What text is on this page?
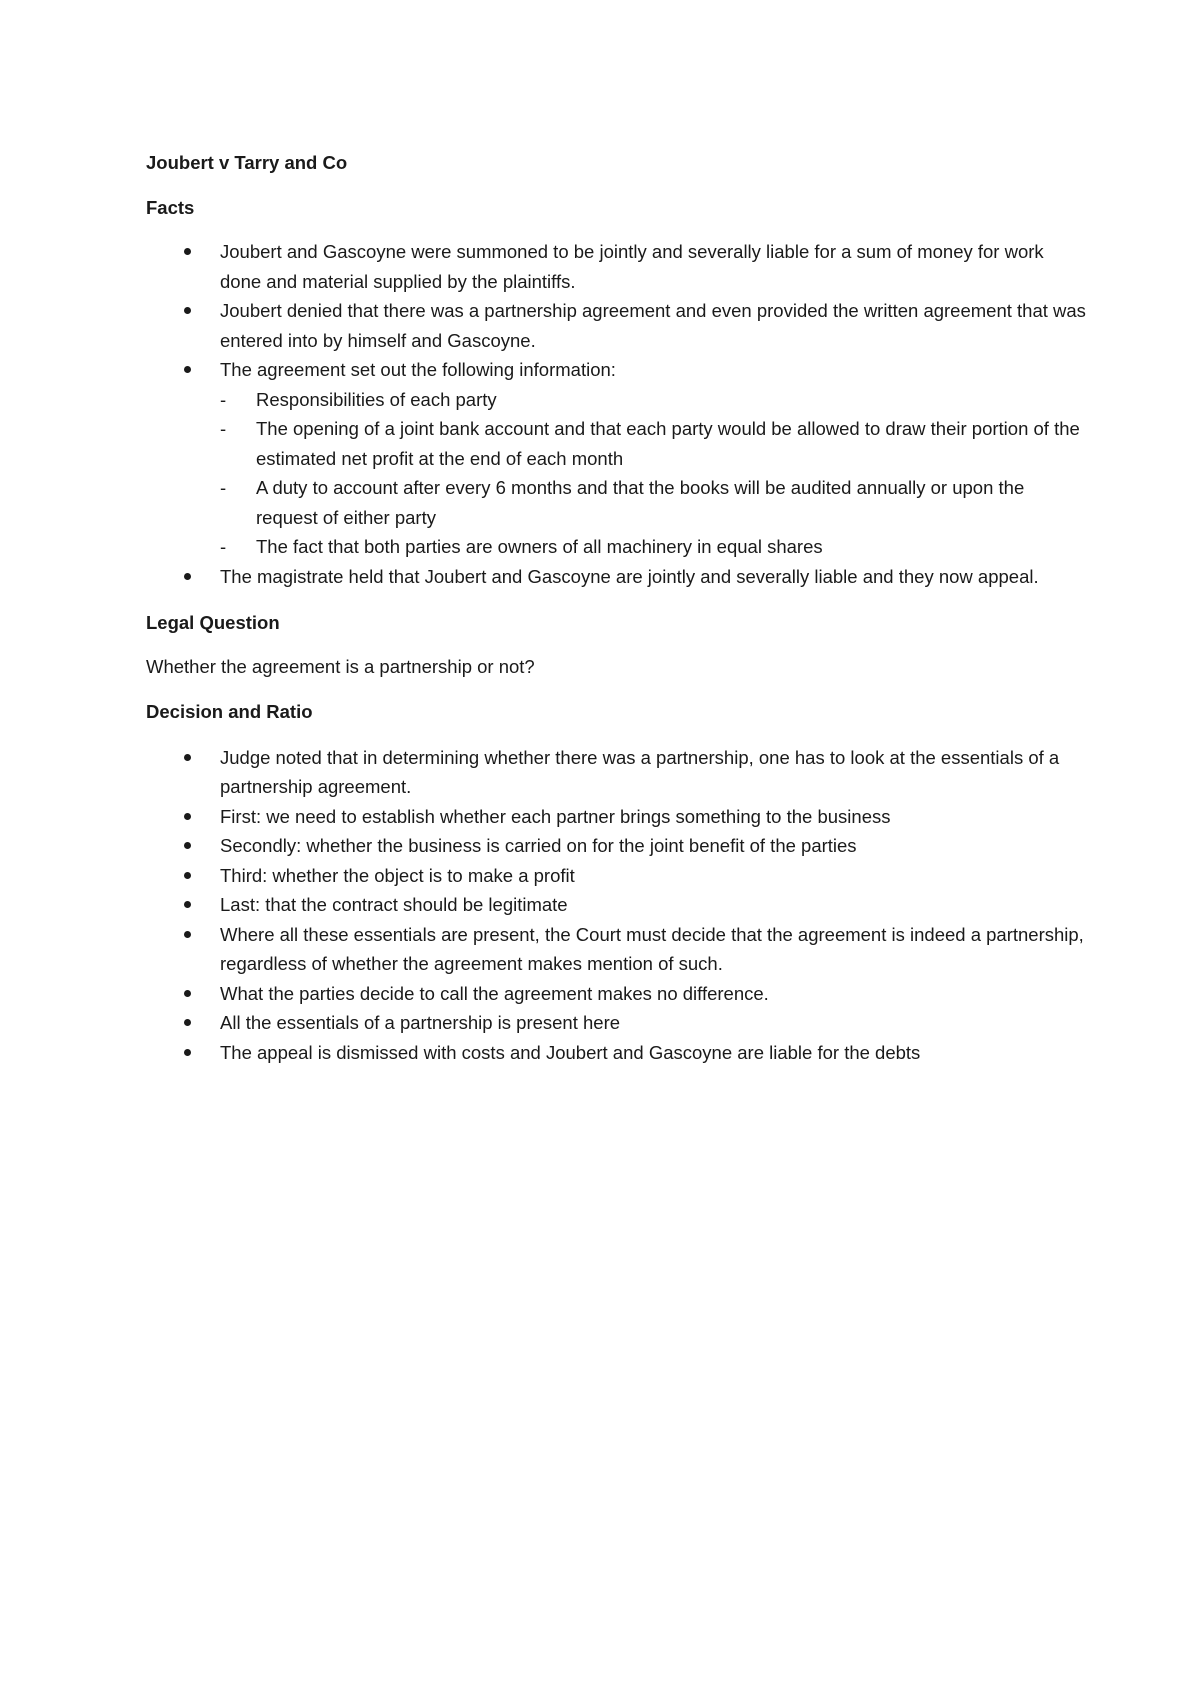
Joubert v Tarry and Co

Facts

Joubert and Gascoyne were summoned to be jointly and severally liable for a sum of money for work done and material supplied by the plaintiffs.
Joubert denied that there was a partnership agreement and even provided the written agreement that was entered into by himself and Gascoyne.
The agreement set out the following information:
- Responsibilities of each party
- The opening of a joint bank account and that each party would be allowed to draw their portion of the estimated net profit at the end of each month
- A duty to account after every 6 months and that the books will be audited annually or upon the request of either party
- The fact that both parties are owners of all machinery in equal shares
The magistrate held that Joubert and Gascoyne are jointly and severally liable and they now appeal.

Legal Question

Whether the agreement is a partnership or not?

Decision and Ratio

Judge noted that in determining whether there was a partnership, one has to look at the essentials of a partnership agreement.
First: we need to establish whether each partner brings something to the business
Secondly: whether the business is carried on for the joint benefit of the parties
Third: whether the object is to make a profit
Last: that the contract should be legitimate
Where all these essentials are present, the Court must decide that the agreement is indeed a partnership, regardless of whether the agreement makes mention of such.
What the parties decide to call the agreement makes no difference.
All the essentials of a partnership is present here
The appeal is dismissed with costs and Joubert and Gascoyne are liable for the debts
